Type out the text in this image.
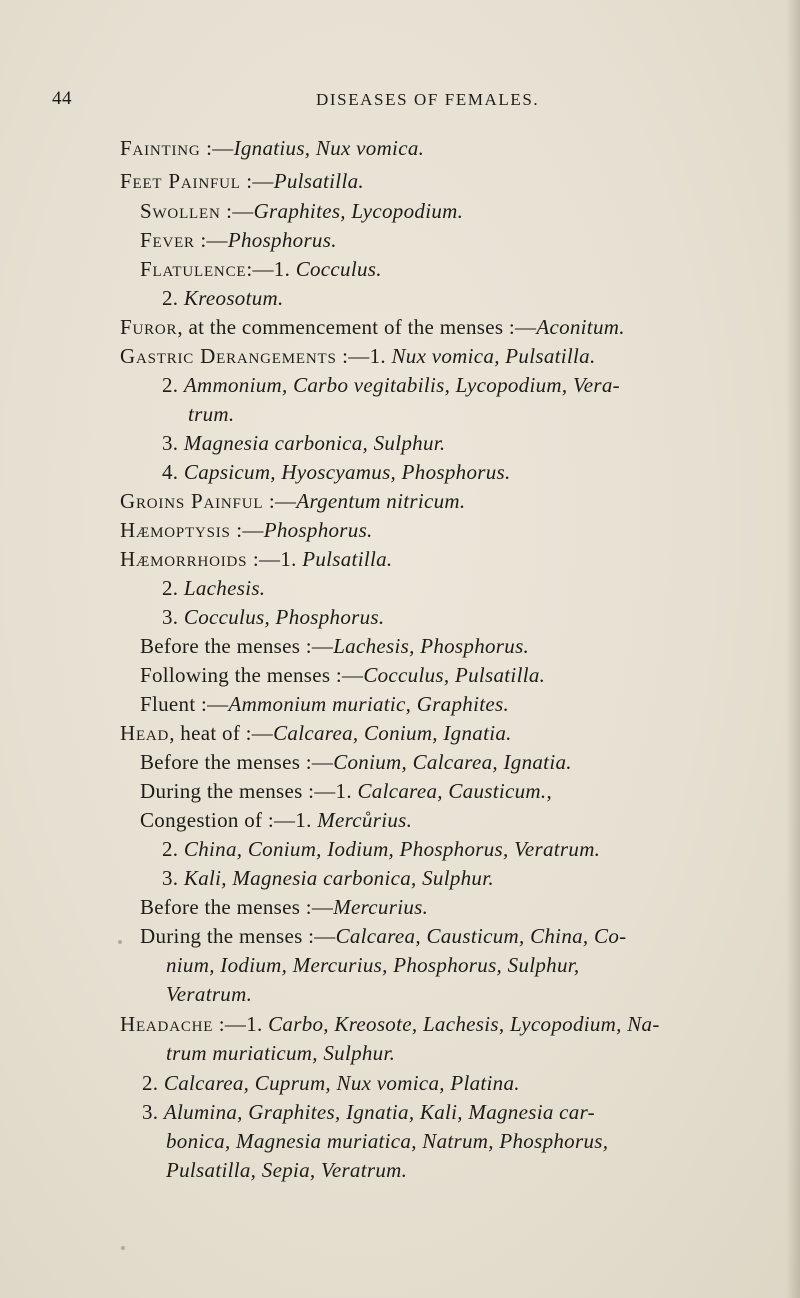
44	DISEASES OF FEMALES.
Fainting :—Ignatius, Nux vomica.
Feet Painful :—Pulsatilla.
Swollen :—Graphites, Lycopodium.
Fever :—Phosphorus.
Flatulence:—1. Cocculus.
2. Kreosotum.
Furor, at the commencement of the menses :—Aconitum.
Gastric Derangements :—1. Nux vomica, Pulsatilla.
2. Ammonium, Carbo vegitabilis, Lycopodium, Vera-
trum.
3. Magnesia carbonica, Sulphur.
4. Capsicum, Hyoscyamus, Phosphorus.
Groins Painful :—Argentum nitricum.
Hæmoptysis :—Phosphorus.
Hæmorrhoids :—1. Pulsatilla.
2. Lachesis.
3. Cocculus, Phosphorus.
Before the menses :—Lachesis, Phosphorus.
Following the menses :—Cocculus, Pulsatilla.
Fluent :—Ammonium muriatic, Graphites.
Head, heat of :—Calcarea, Conium, Ignatia.
Before the menses :—Conium, Calcarea, Ignatia.
During the menses :—1. Calcarea, Causticum.,
Congestion of :—1. Mercůrius.
2. China, Conium, Iodium, Phosphorus, Veratrum.
3. Kali, Magnesia carbonica, Sulphur.
Before the menses :—Mercurius.
During the menses :—Calcarea, Causticum, China, Co-
nium, Iodium, Mercurius, Phosphorus, Sulphur,
Veratrum.
Headache :—1. Carbo, Kreosote, Lachesis, Lycopodium, Na-
trum muriaticum, Sulphur.
2. Calcarea, Cuprum, Nux vomica, Platina.
3. Alumina, Graphites, Ignatia, Kali, Magnesia car-
bonica, Magnesia muriatica, Natrum, Phosphorus,
Pulsatilla, Sepia, Veratrum.
